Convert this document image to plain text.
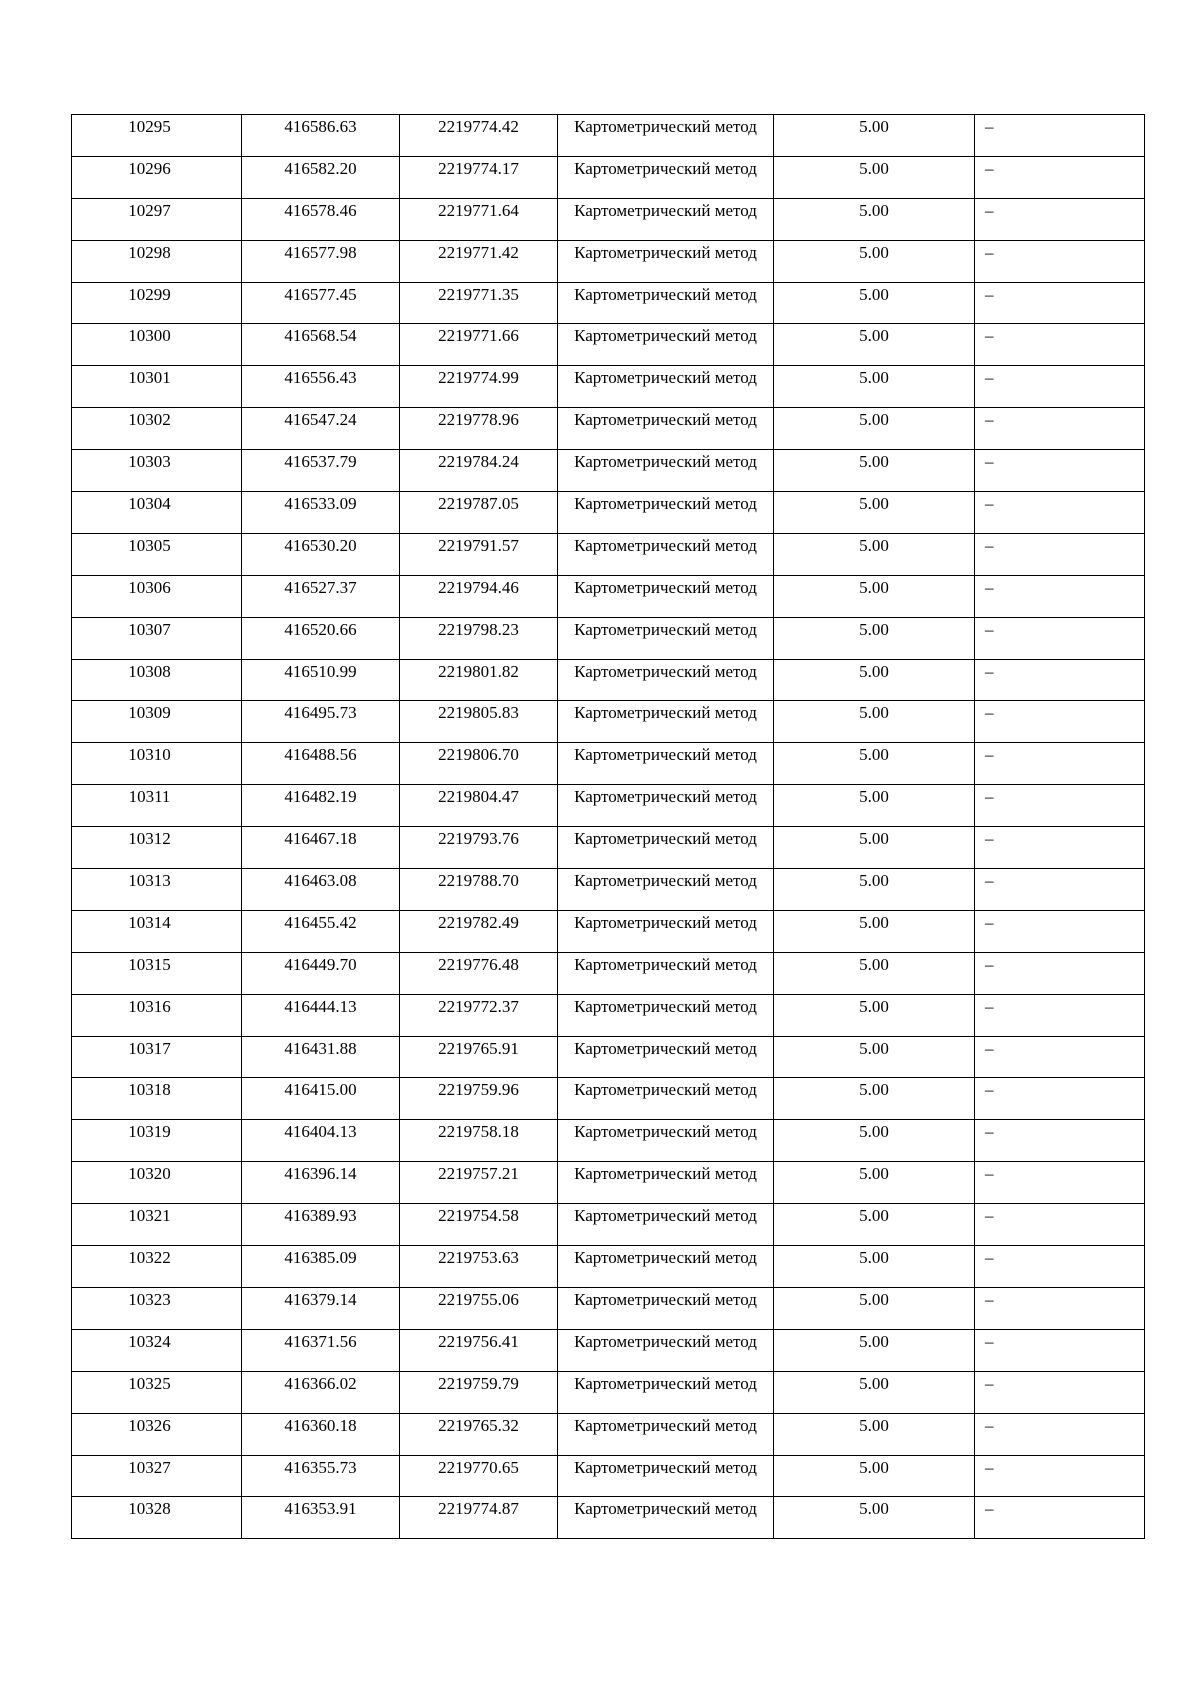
10295	416586.63	2219774.42	Картометрический метод	5.00	–

10296	416582.20	2219774.17	Картометрический метод	5.00	–

10297	416578.46	2219771.64	Картометрический метод	5.00	–

10298	416577.98	2219771.42	Картометрический метод	5.00	–

10299	416577.45	2219771.35	Картометрический метод	5.00	–

10300	416568.54	2219771.66	Картометрический метод	5.00	–

10301	416556.43	2219774.99	Картометрический метод	5.00	–

10302	416547.24	2219778.96	Картометрический метод	5.00	–

10303	416537.79	2219784.24	Картометрический метод	5.00	–

10304	416533.09	2219787.05	Картометрический метод	5.00	–

10305	416530.20	2219791.57	Картометрический метод	5.00	–

10306	416527.37	2219794.46	Картометрический метод	5.00	–

10307	416520.66	2219798.23	Картометрический метод	5.00	–

10308	416510.99	2219801.82	Картометрический метод	5.00	–

10309	416495.73	2219805.83	Картометрический метод	5.00	–

10310	416488.56	2219806.70	Картометрический метод	5.00	–

10311	416482.19	2219804.47	Картометрический метод	5.00	–

10312	416467.18	2219793.76	Картометрический метод	5.00	–

10313	416463.08	2219788.70	Картометрический метод	5.00	–

10314	416455.42	2219782.49	Картометрический метод	5.00	–

10315	416449.70	2219776.48	Картометрический метод	5.00	–

10316	416444.13	2219772.37	Картометрический метод	5.00	–

10317	416431.88	2219765.91	Картометрический метод	5.00	–

10318	416415.00	2219759.96	Картометрический метод	5.00	–

10319	416404.13	2219758.18	Картометрический метод	5.00	–

10320	416396.14	2219757.21	Картометрический метод	5.00	–

10321	416389.93	2219754.58	Картометрический метод	5.00	–

10322	416385.09	2219753.63	Картометрический метод	5.00	–

10323	416379.14	2219755.06	Картометрический метод	5.00	–

10324	416371.56	2219756.41	Картометрический метод	5.00	–

10325	416366.02	2219759.79	Картометрический метод	5.00	–

10326	416360.18	2219765.32	Картометрический метод	5.00	–

10327	416355.73	2219770.65	Картометрический метод	5.00	–

10328	416353.91	2219774.87	Картометрический метод	5.00	–
